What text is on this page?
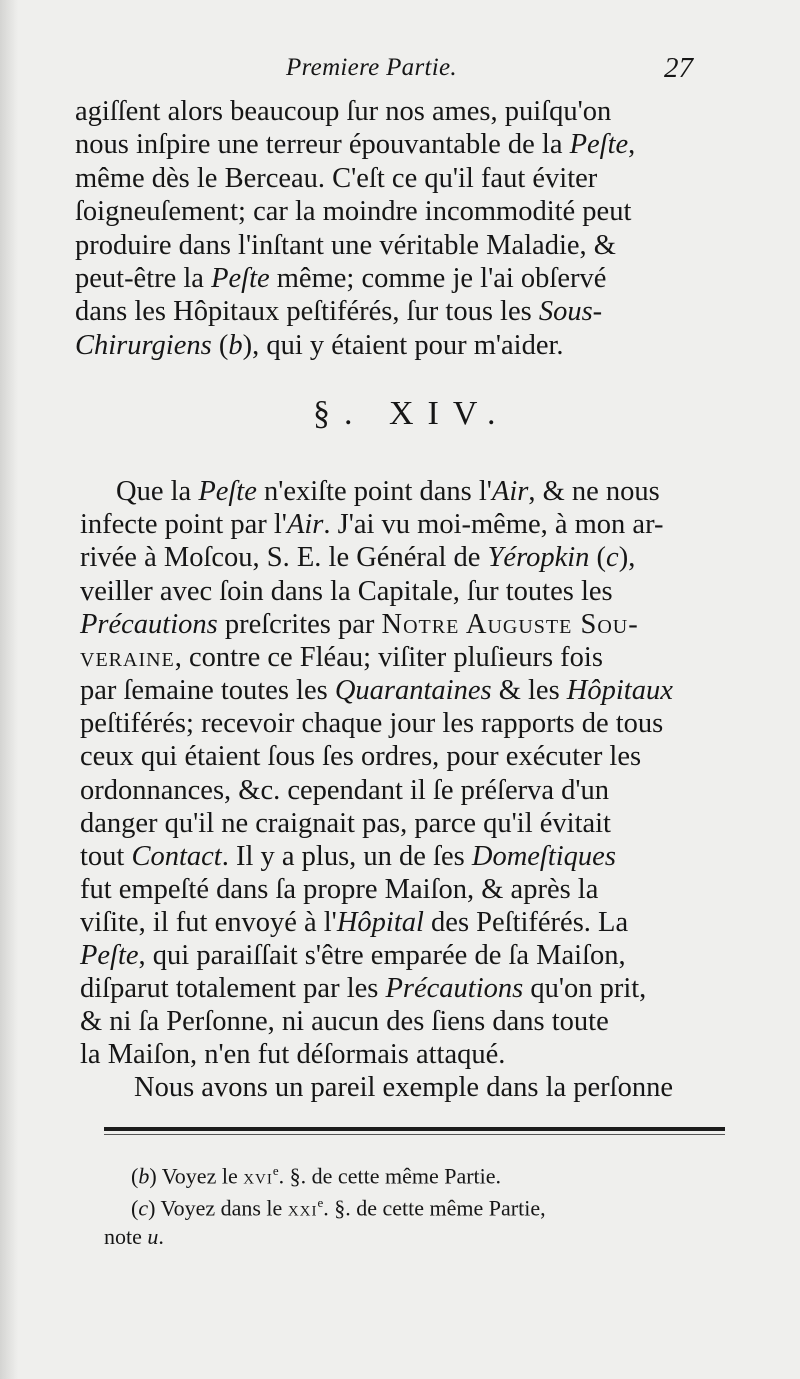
Premiere Partie.	27
agiſſent alors beaucoup ſur nos ames, puiſqu'on
nous inſpire une terreur épouvantable de la Peſte,
même dès le Berceau. C'eſt ce qu'il faut éviter
ſoigneuſement; car la moindre incommodité peut
produire dans l'inſtant une véritable Maladie, &
peut-être la Peſte même; comme je l'ai obſervé
dans les Hôpitaux peſtiférés, ſur tous les Sous-
Chirurgiens (b), qui y étaient pour m'aider.
§. XIV.
Que la Peſte n'exiſte point dans l'Air, & ne nous
infecte point par l'Air. J'ai vu moi-même, à mon ar-
rivée à Moſcou, S. E. le Général de Yéropkin (c),
veiller avec ſoin dans la Capitale, ſur toutes les
Précautions preſcrites par Notre Auguste Sou-
veraine, contre ce Fléau; viſiter pluſieurs fois
par ſemaine toutes les Quarantaines & les Hôpitaux
peſtiférés; recevoir chaque jour les rapports de tous
ceux qui étaient ſous ſes ordres, pour exécuter les
ordonnances, &c. cependant il ſe préſerva d'un
danger qu'il ne craignait pas, parce qu'il évitait
tout Contact. Il y a plus, un de ſes Domeſtiques
fut empeſté dans ſa propre Maiſon, & après la
viſite, il fut envoyé à l'Hôpital des Peſtiférés. La
Peſte, qui paraiſſait s'être emparée de ſa Maiſon,
diſparut totalement par les Précautions qu'on prit,
& ni ſa Perſonne, ni aucun des ſiens dans toute
la Maiſon, n'en fut déſormais attaqué.
Nous avons un pareil exemple dans la perſonne
(b) Voyez le xvi$^e$. §. de cette même Partie.
(c) Voyez dans le xxi$^e$. §. de cette même Partie,
note u.
